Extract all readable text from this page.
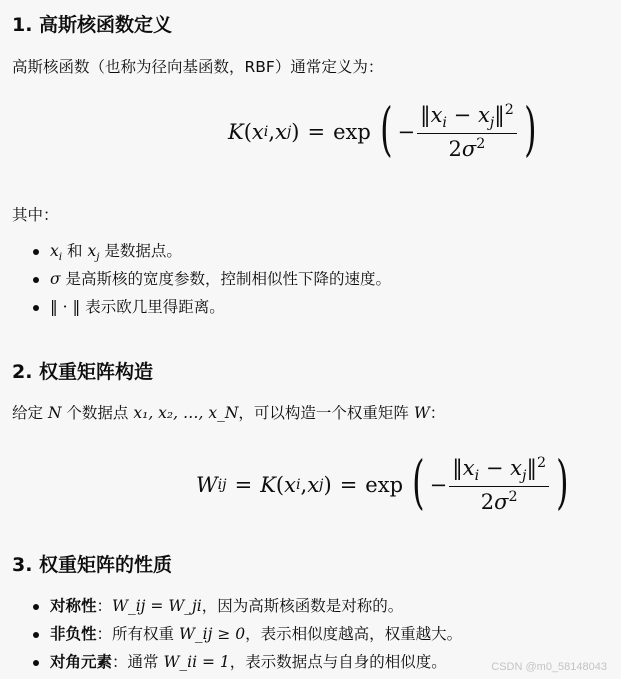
1. 高斯核函数定义

高斯核函数（也称为径向基函数，RBF）通常定义为：

K ( x i , x j ) = exp ( − $\frac{‖x_i - x_j‖^2}{2\sigma^2}$ )

其中：

$x_i$ 和 $x_j$ 是数据点。
σ 是高斯核的宽度参数，控制相似性下降的速度。
‖ · ‖ 表示欧几里得距离。
2. 权重矩阵构造

给定 N 个数据点 x₁, x₂, …, x_N，可以构造一个权重矩阵 W：

W ij = K ( x i , x j ) = exp ( − $\frac{‖x_i - x_j‖^2}{2\sigma^2}$ )
3. 权重矩阵的性质
对称性：W_ij = W_ji，因为高斯核函数是对称的。
非负性：所有权重 W_ij ≥ 0，表示相似度越高，权重越大。
对角元素：通常 W_ii = 1，表示数据点与自身的相似度。	CSDN @m0_58148043
